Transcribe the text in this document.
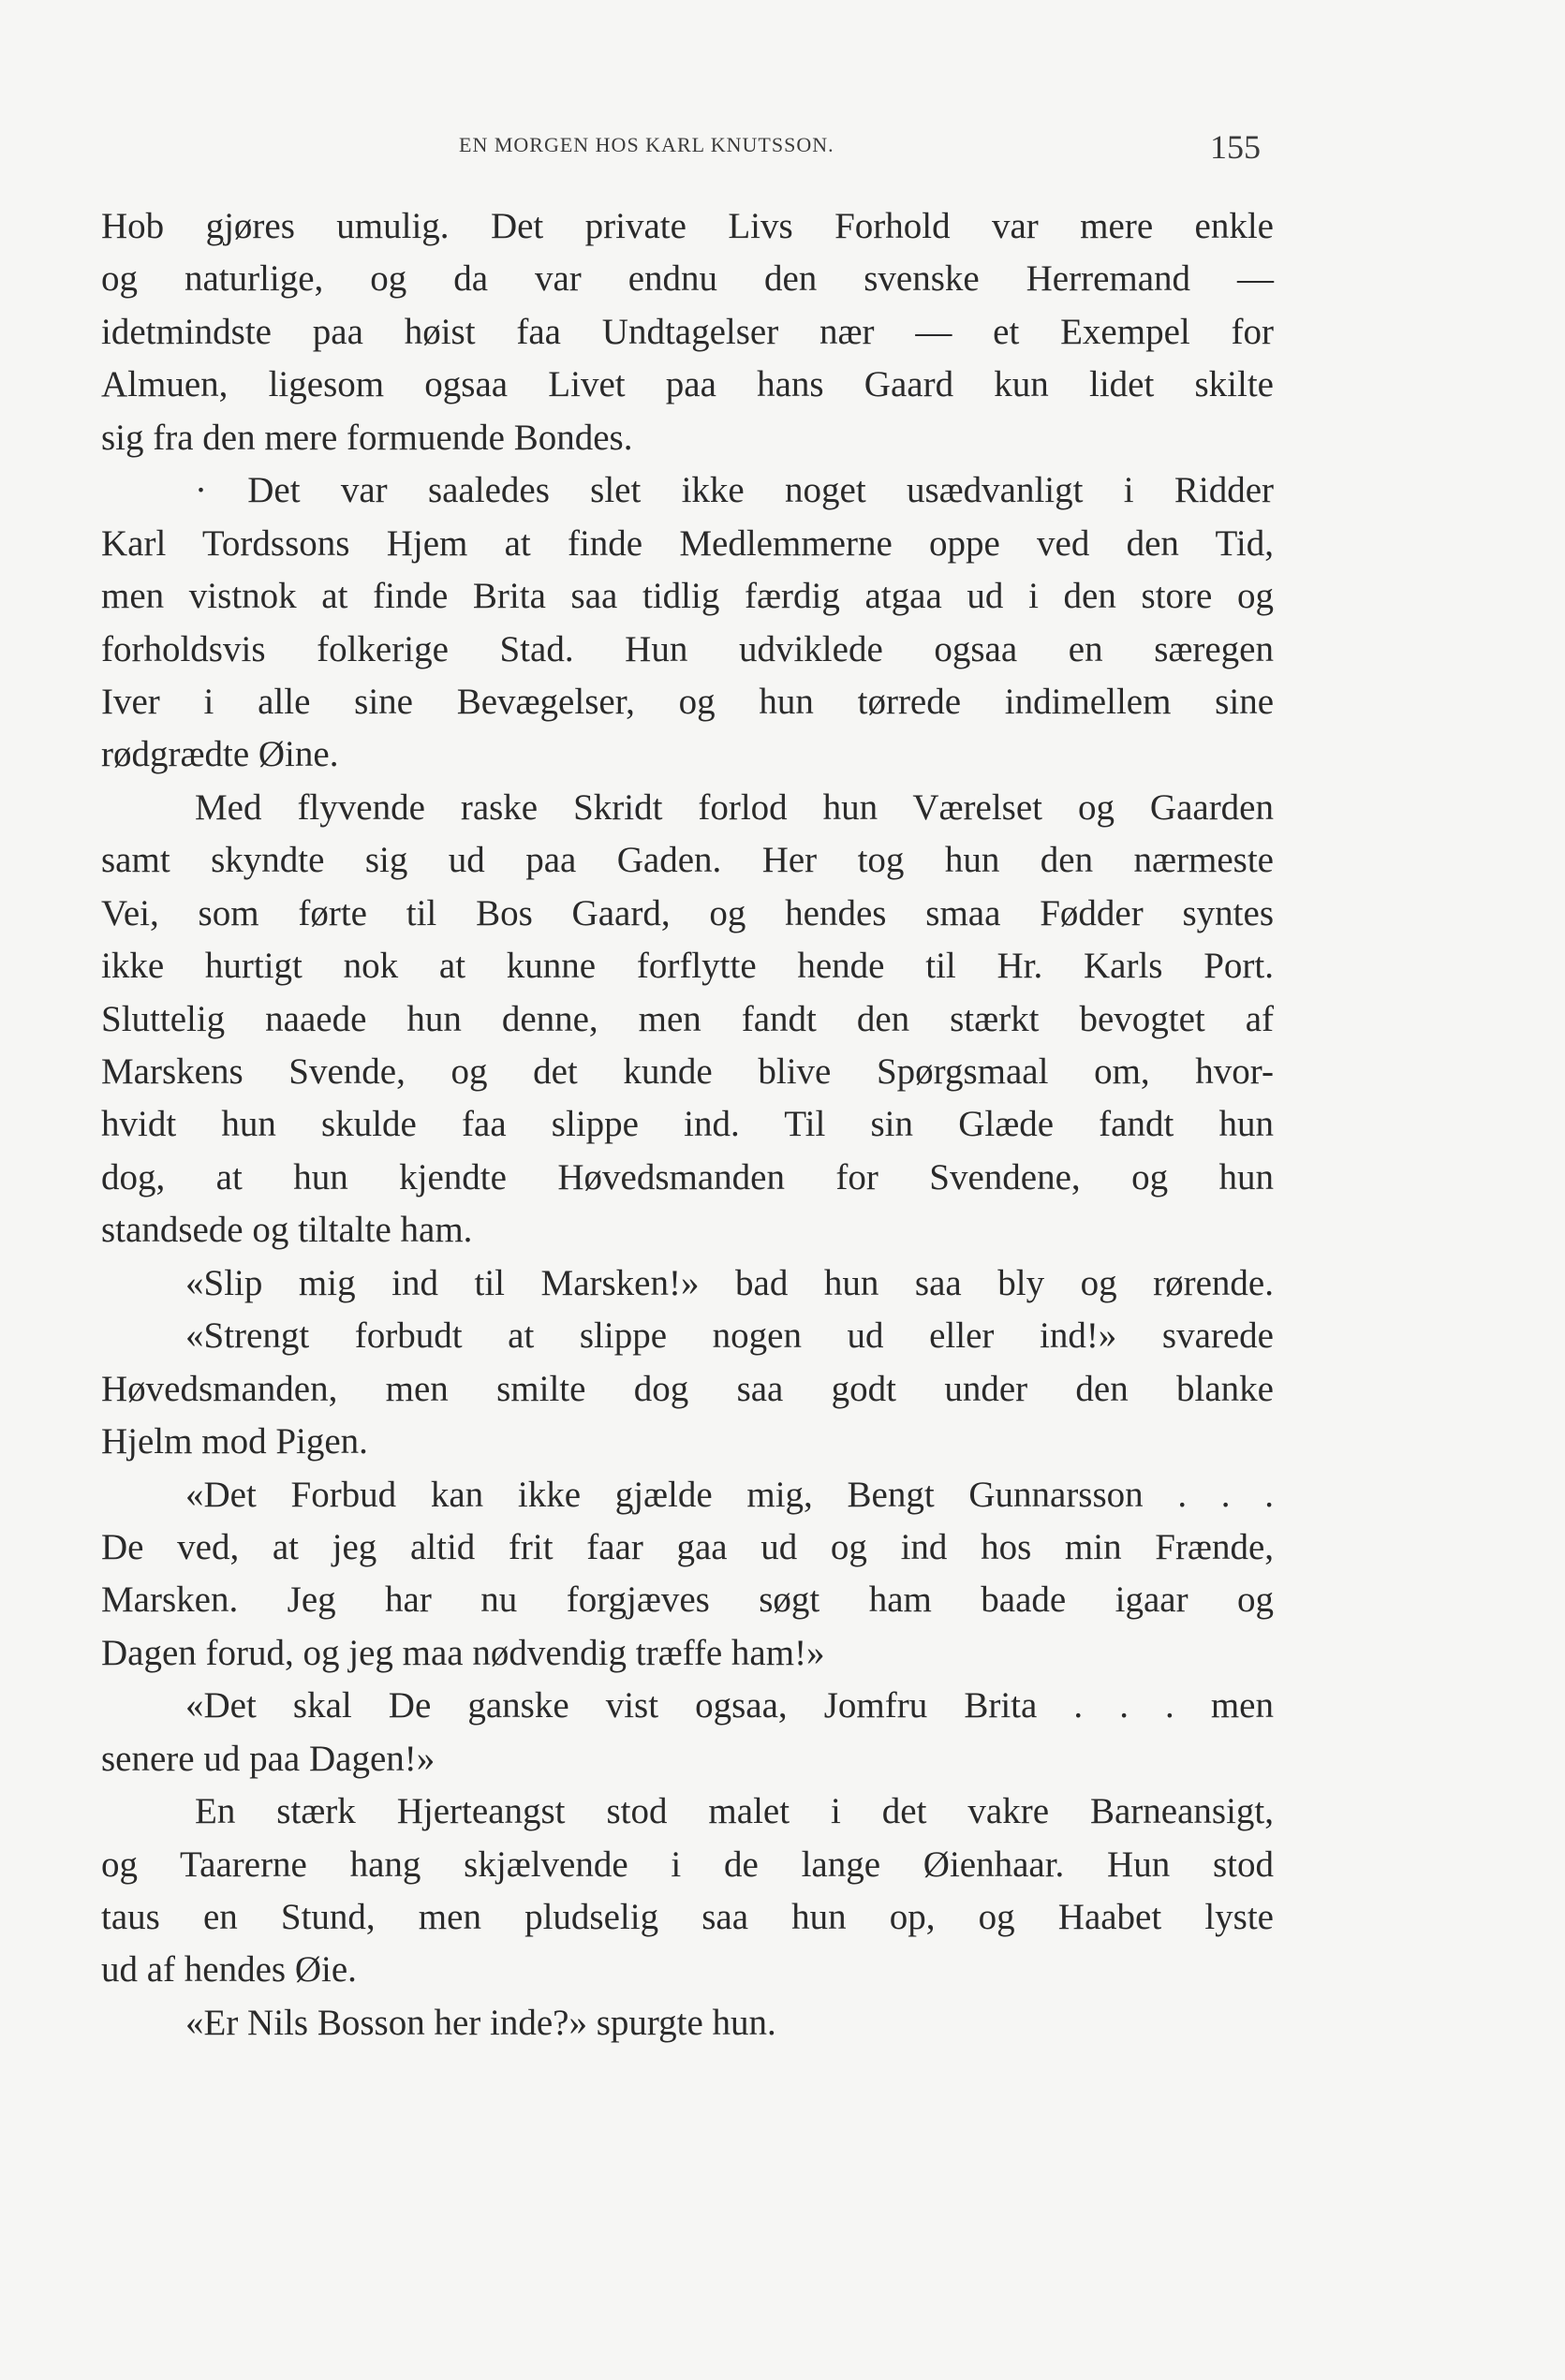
EN MORGEN HOS KARL KNUTSSON.	155
Hob gjøres umulig. Det private Livs Forhold var mere enkle
og naturlige, og da var endnu den svenske Herremand —
idetmindste paa høist faa Undtagelser nær — et Exempel for
Almuen, ligesom ogsaa Livet paa hans Gaard kun lidet skilte
sig fra den mere formuende Bondes.
· Det var saaledes slet ikke noget usædvanligt i Ridder
Karl Tordssons Hjem at finde Medlemmerne oppe ved den Tid,
men vistnok at finde Brita saa tidlig færdig atgaa ud i den store og
forholdsvis folkerige Stad. Hun udviklede ogsaa en særegen
Iver i alle sine Bevægelser, og hun tørrede indimellem sine
rødgrædte Øine.
Med flyvende raske Skridt forlod hun Værelset og Gaarden
samt skyndte sig ud paa Gaden. Her tog hun den nærmeste
Vei, som førte til Bos Gaard, og hendes smaa Fødder syntes
ikke hurtigt nok at kunne forflytte hende til Hr. Karls Port.
Sluttelig naaede hun denne, men fandt den stærkt bevogtet af
Marskens Svende, og det kunde blive Spørgsmaal om, hvor-
hvidt hun skulde faa slippe ind. Til sin Glæde fandt hun
dog, at hun kjendte Høvedsmanden for Svendene, og hun
standsede og tiltalte ham.
«Slip mig ind til Marsken!» bad hun saa bly og rørende.
«Strengt forbudt at slippe nogen ud eller ind!» svarede
Høvedsmanden, men smilte dog saa godt under den blanke
Hjelm mod Pigen.
«Det Forbud kan ikke gjælde mig, Bengt Gunnarsson . . .
De ved, at jeg altid frit faar gaa ud og ind hos min Frænde,
Marsken. Jeg har nu forgjæves søgt ham baade igaar og
Dagen forud, og jeg maa nødvendig træffe ham!»
«Det skal De ganske vist ogsaa, Jomfru Brita . . . men
senere ud paa Dagen!»
En stærk Hjerteangst stod malet i det vakre Barneansigt,
og Taarerne hang skjælvende i de lange Øienhaar. Hun stod
taus en Stund, men pludselig saa hun op, og Haabet lyste
ud af hendes Øie.
«Er Nils Bosson her inde?» spurgte hun.
